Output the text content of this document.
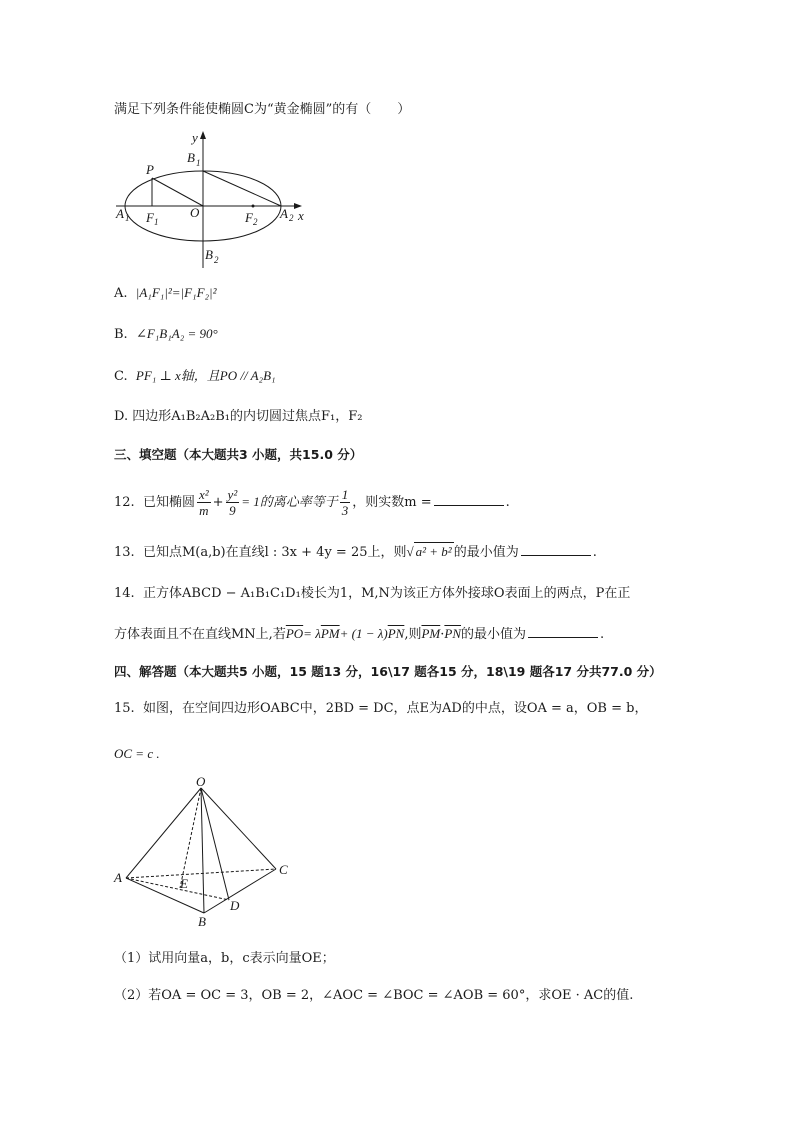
满足下列条件能使椭圆C为“黄金椭圆”的有（　　）
y
x
P
B 1
B 2
A 1 F 1
O	F 2
A 2
A. |A₁F₁|²=|F₁F₂|²
B. ∠F₁B₁A₂ = 90°
C. PF₁ ⊥ x轴，且PO // A₂B₁
D. 四边形A₁B₂A₂B₁的内切圆过焦点F₁，F₂
三、填空题（本大题共3 小题，共15.0 分）
12. 已知椭圆 $\frac{\text{x²}}{m} + \frac{\text{y²}}{9} = 1$的离心率等于 $\frac{1}{3}$ ，则实数m =	.
13. 已知点M(a,b)在直线l : 3x + 4y = 25上，则√ a² + b² 的最小值为	.
14. 正方体ABCD − A₁B₁C₁D₁棱长为1，M,N为该正方体外接球O表面上的两点，P在正
方体表面且不在直线MN上,若$\overline{PO}= \lambda\overline{PM}+ (1 - \lambda)\overline{PN}$,则$\overline{PM}\cdot\overline{PN}$的最小值为	.
四、解答题（本大题共5 小题，15 题13 分，16\17 题各15 分，18\19 题各17 分共77.0 分）
15. 如图，在空间四边形OABC中，2BD = DC，点E为AD的中点，设OA = a，OB = b，
OC = c .
O
A
B
C
D
E
（1）试用向量a，b，c表示向量OE；
（2）若OA = OC = 3，OB = 2，∠AOC = ∠BOC = ∠AOB = 60°，求OE · AC的值.
